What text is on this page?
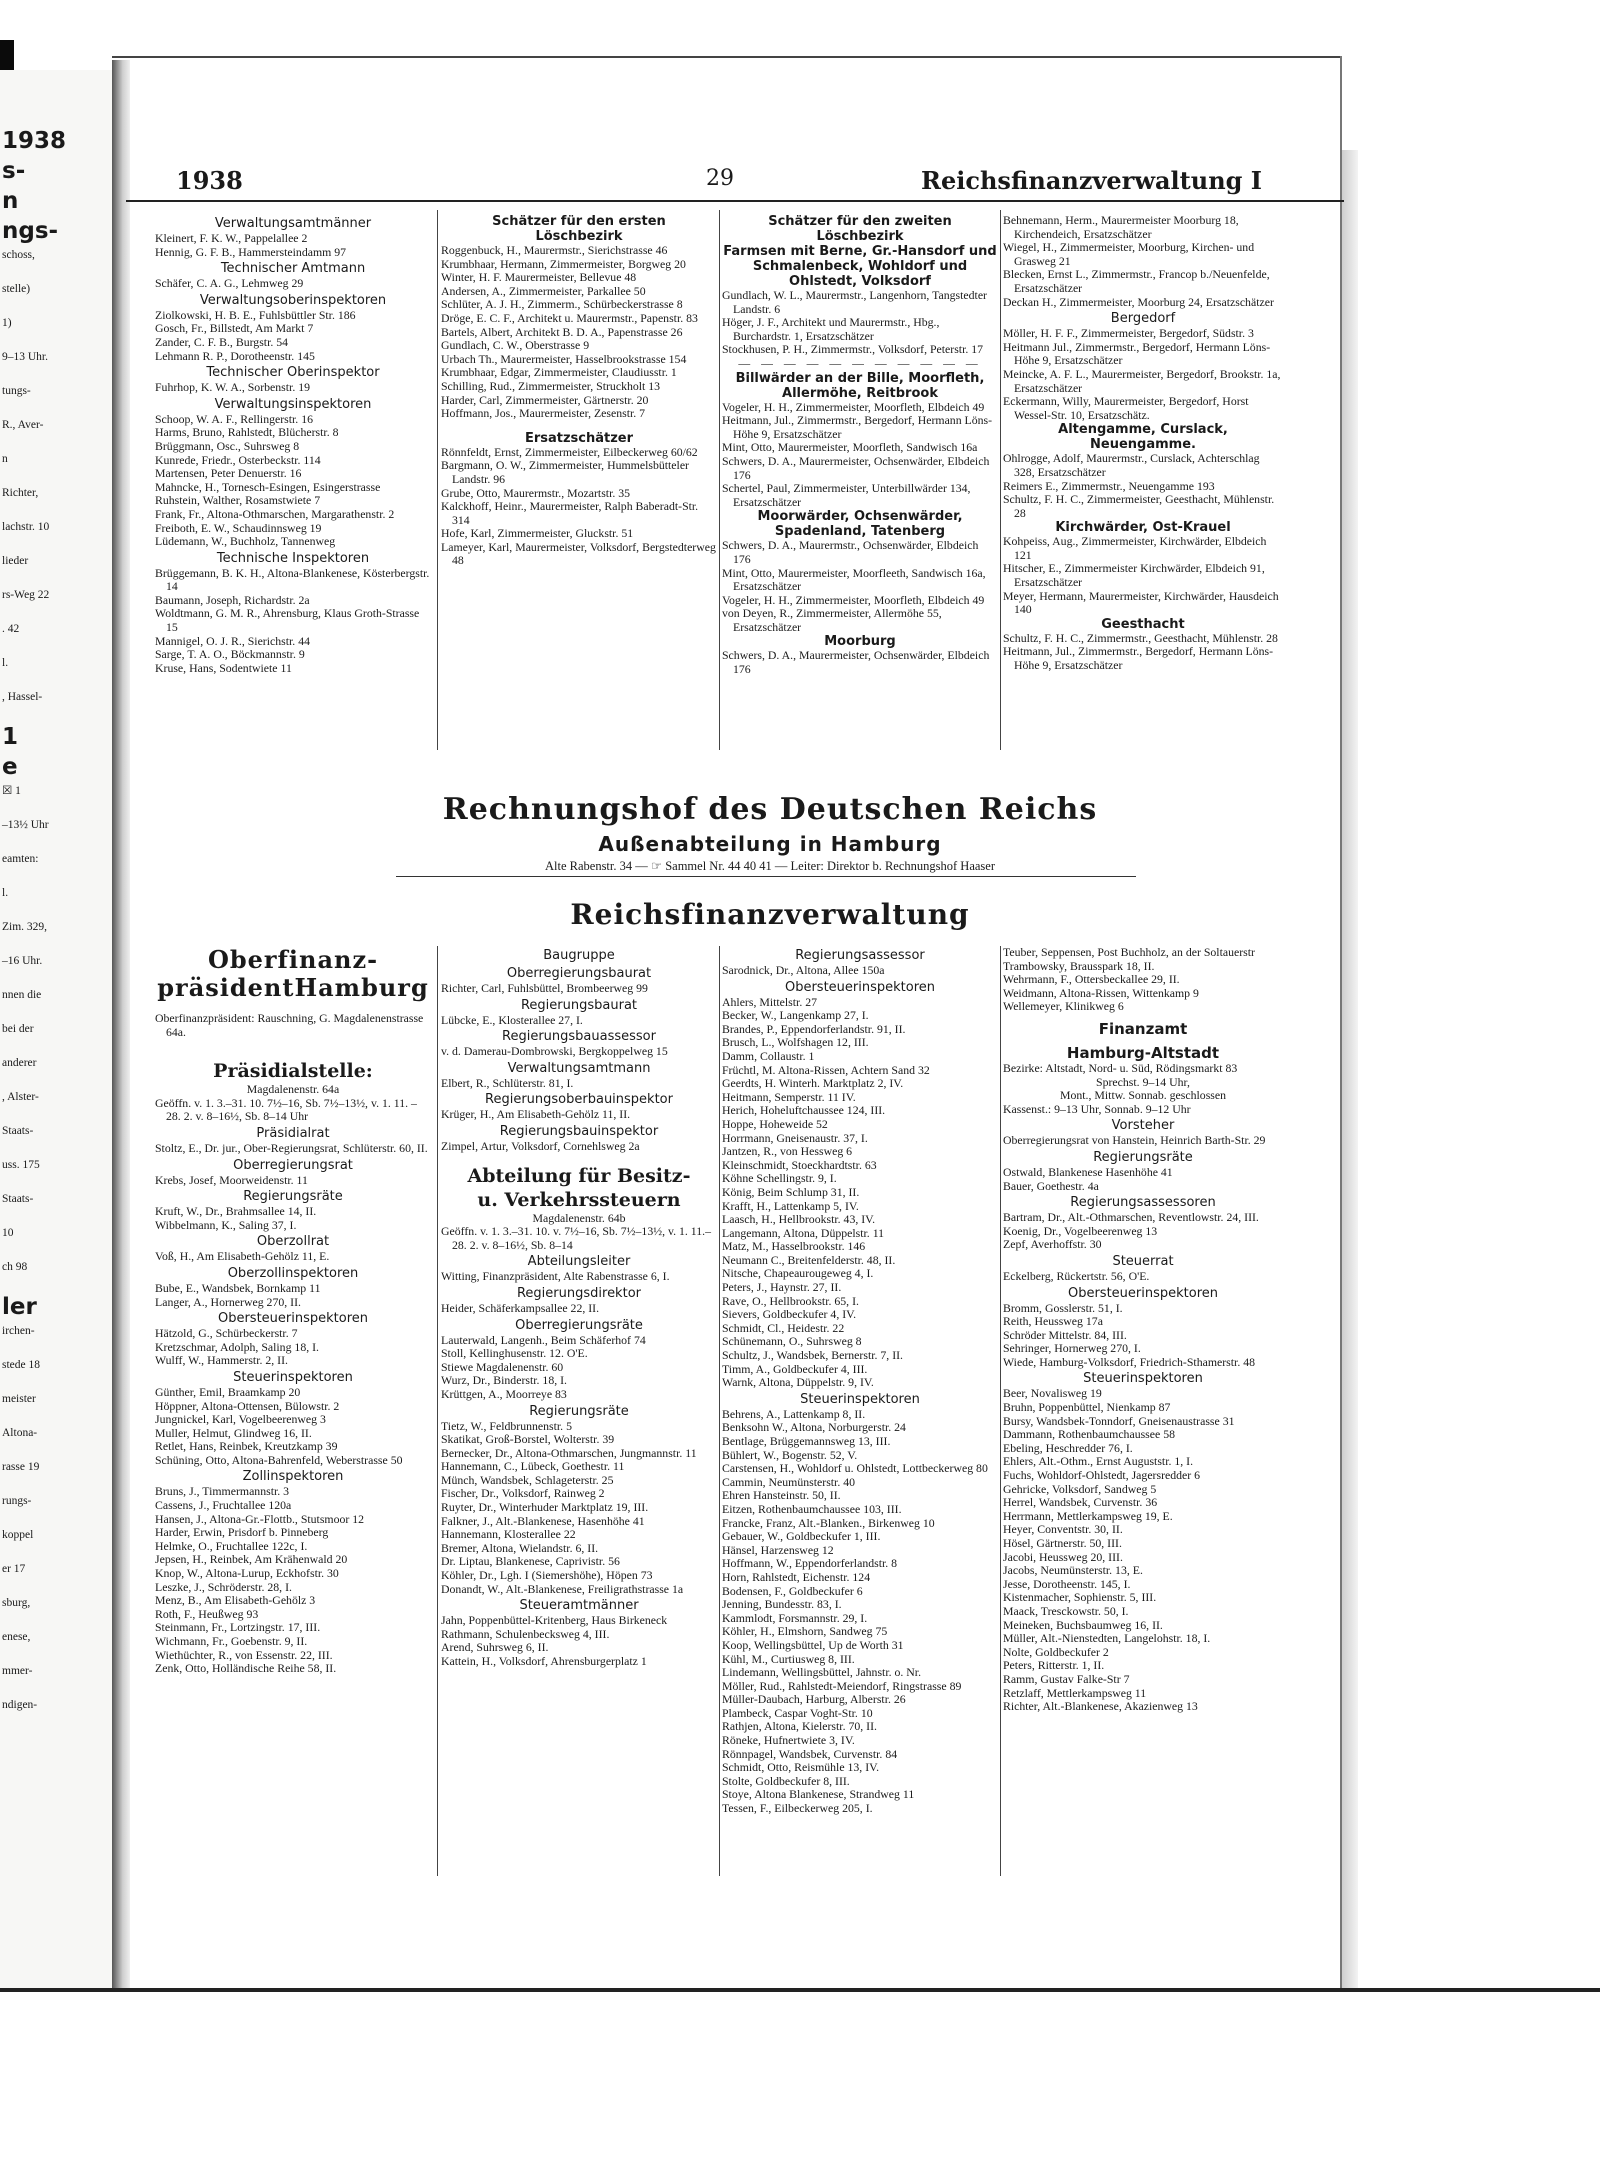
1938
s-
n
ngs-
schoss,
stelle)
1)
9–13 Uhr.
tungs-
R., Aver-
n
Richter,
lachstr. 10
lieder
rs-Weg 22
. 42
l.
, Hassel-
1
e
☒ 1
–13½ Uhr
eamten:
l.
Zim. 329,
–16 Uhr.
nnen die
bei der
anderer
, Alster-
Staats-
uss. 175
Staats-
10
ch 98
ler
irchen-
stede 18
meister
Altona-
rasse 19
rungs-
koppel
er 17
sburg,
enese,
mmer-
ndigen-
1938	29	Reichsfinanzverwaltung I
Verwaltungsamtmänner
Kleinert, F. K. W., Pappelallee 2
Hennig, G. F. B., Hammersteindamm 97
Technischer Amtmann
Schäfer, C. A. G., Lehmweg 29
Verwaltungsoberinspektoren
Ziolkowski, H. B. E., Fuhlsbüttler Str. 186
Gosch, Fr., Billstedt, Am Markt 7
Zander, C. F. B., Burgstr. 54
Lehmann R. P., Dorotheenstr. 145
Technischer Oberinspektor
Fuhrhop, K. W. A., Sorbenstr. 19
Verwaltungsinspektoren
Schoop, W. A. F., Rellingerstr. 16
Harms, Bruno, Rahlstedt, Blücherstr. 8
Brüggmann, Osc., Suhrsweg 8
Kunrede, Friedr., Osterbeckstr. 114
Martensen, Peter Denuerstr. 16
Mahncke, H., Tornesch-Esingen, Esingerstrasse
Ruhstein, Walther, Rosamstwiete 7
Frank, Fr., Altona-Othmarschen, Margarathenstr. 2
Freiboth, E. W., Schaudinnsweg 19
Lüdemann, W., Buchholz, Tannenweg
Technische Inspektoren
Brüggemann, B. K. H., Altona-Blankenese, Kösterbergstr. 14
Baumann, Joseph, Richardstr. 2a
Woldtmann, G. M. R., Ahrensburg, Klaus Groth-Strasse 15
Mannigel, O. J. R., Sierichstr. 44
Sarge, T. A. O., Böckmannstr. 9
Kruse, Hans, Sodentwiete 11
Schätzer für den ersten
Löschbezirk
Roggenbuck, H., Maurermstr., Sierichstrasse 46
Krumbhaar, Hermann, Zimmermeister, Borgweg 20
Winter, H. F. Maurermeister, Bellevue 48
Andersen, A., Zimmermeister, Parkallee 50
Schlüter, A. J. H., Zimmerm., Schürbeckerstrasse 8
Dröge, E. C. F., Architekt u. Maurermstr., Papenstr. 83
Bartels, Albert, Architekt B. D. A., Papenstrasse 26
Gundlach, C. W., Oberstrasse 9
Urbach Th., Maurermeister, Hasselbrookstrasse 154
Krumbhaar, Edgar, Zimmermeister, Claudiusstr. 1
Schilling, Rud., Zimmermeister, Struckholt 13
Harder, Carl, Zimmermeister, Gärtnerstr. 20
Hoffmann, Jos., Maurermeister, Zesenstr. 7
Ersatzschätzer
Rönnfeldt, Ernst, Zimmermeister, Eilbeckerweg 60/62
Bargmann, O. W., Zimmermeister, Hummelsbütteler Landstr. 96
Grube, Otto, Maurermstr., Mozartstr. 35
Kalckhoff, Heinr., Maurermeister, Ralph Baberadt-Str. 314
Hofe, Karl, Zimmermeister, Gluckstr. 51
Lameyer, Karl, Maurermeister, Volksdorf, Bergstedterweg 48
Schätzer für den zweiten
Löschbezirk
Farmsen mit Berne, Gr.-Hansdorf und Schmalenbeck, Wohldorf und Ohlstedt, Volksdorf
Gundlach, W. L., Maurermstr., Langenhorn, Tangstedter Landstr. 6
Höger, J. F., Architekt und Maurermstr., Hbg., Burchardstr. 1, Ersatzschätzer
Stockhusen, P. H., Zimmermstr., Volksdorf, Peterstr. 17
— — — — — — — — — — —
Billwärder an der Bille, Moorfleth, Allermöhe, Reitbrook
Vogeler, H. H., Zimmermeister, Moorfleth, Elbdeich 49
Heitmann, Jul., Zimmermstr., Bergedorf, Hermann Löns-Höhe 9, Ersatzschätzer
Mint, Otto, Maurermeister, Moorfleth, Sandwisch 16a
Schwers, D. A., Maurermeister, Ochsenwärder, Elbdeich 176
Schertel, Paul, Zimmermeister, Unterbillwärder 134, Ersatzschätzer
Moorwärder, Ochsenwärder, Spadenland, Tatenberg
Schwers, D. A., Maurermstr., Ochsenwärder, Elbdeich 176
Mint, Otto, Maurermeister, Moorfleeth, Sandwisch 16a, Ersatzschätzer
Vogeler, H. H., Zimmermeister, Moorfleth, Elbdeich 49
von Deyen, R., Zimmermeister, Allermöhe 55, Ersatzschätzer
Moorburg
Schwers, D. A., Maurermeister, Ochsenwärder, Elbdeich 176
Behnemann, Herm., Maurermeister Moorburg 18, Kirchendeich, Ersatzschätzer
Wiegel, H., Zimmermeister, Moorburg, Kirchen- und Grasweg 21
Blecken, Ernst L., Zimmermstr., Francop b./Neuenfelde, Ersatzschätzer
Deckan H., Zimmermeister, Moorburg 24, Ersatzschätzer
Bergedorf
Möller, H. F. F., Zimmermeister, Bergedorf, Südstr. 3
Heitmann Jul., Zimmermstr., Bergedorf, Hermann Löns-Höhe 9, Ersatzschätzer
Meincke, A. F. L., Maurermeister, Bergedorf, Brookstr. 1a, Ersatzschätzer
Eckermann, Willy, Maurermeister, Bergedorf, Horst Wessel-Str. 10, Ersatzschätz.
Altengamme, Curslack, Neuengamme.
Ohlrogge, Adolf, Maurermstr., Curslack, Achterschlag 328, Ersatzschätzer
Reimers E., Zimmermstr., Neuengamme 193
Schultz, F. H. C., Zimmermeister, Geesthacht, Mühlenstr. 28
Kirchwärder, Ost-Krauel
Kohpeiss, Aug., Zimmermeister, Kirchwärder, Elbdeich 121
Hitscher, E., Zimmermeister Kirchwärder, Elbdeich 91, Ersatzschätzer
Meyer, Hermann, Maurermeister, Kirchwärder, Hausdeich 140
Geesthacht
Schultz, F. H. C., Zimmermstr., Geesthacht, Mühlenstr. 28
Heitmann, Jul., Zimmermstr., Bergedorf, Hermann Löns-Höhe 9, Ersatzschätzer
Rechnungshof des Deutschen Reichs
Außenabteilung in Hamburg
Alte Rabenstr. 34 — ☞ Sammel Nr. 44 40 41 — Leiter: Direktor b. Rechnungshof Haaser
Reichsfinanzverwaltung
Oberfinanz-
präsidentHamburg
Oberfinanzpräsident: Rauschning, G. Magdalenenstrasse 64a.
Präsidialstelle:
Magdalenenstr. 64a
Geöffn. v. 1. 3.–31. 10. 7½–16, Sb. 7½–13½, v. 1. 11. – 28. 2. v. 8–16½, Sb. 8–14 Uhr
Präsidialrat
Stoltz, E., Dr. jur., Ober-Regierungsrat, Schlüterstr. 60, II.
Oberregierungsrat
Krebs, Josef, Moorweidenstr. 11
Regierungsräte
Kruft, W., Dr., Brahmsallee 14, II.
Wibbelmann, K., Saling 37, I.
Oberzollrat
Voß, H., Am Elisabeth-Gehölz 11, E.
Oberzollinspektoren
Bube, E., Wandsbek, Bornkamp 11
Langer, A., Hornerweg 270, II.
Obersteuerinspektoren
Hätzold, G., Schürbeckerstr. 7
Kretzschmar, Adolph, Saling 18, I.
Wulff, W., Hammerstr. 2, II.
Steuerinspektoren
Günther, Emil, Braamkamp 20
Höppner, Altona-Ottensen, Bülowstr. 2
Jungnickel, Karl, Vogelbeerenweg 3
Muller, Helmut, Glindweg 16, II.
Retlet, Hans, Reinbek, Kreutzkamp 39
Schüning, Otto, Altona-Bahrenfeld, Weberstrasse 50
Zollinspektoren
Bruns, J., Timmermannstr. 3
Cassens, J., Fruchtallee 120a
Hansen, J., Altona-Gr.-Flottb., Stutsmoor 12
Harder, Erwin, Prisdorf b. Pinneberg
Helmke, O., Fruchtallee 122c, I.
Jepsen, H., Reinbek, Am Krähenwald 20
Knop, W., Altona-Lurup, Eckhofstr. 30
Leszke, J., Schröderstr. 28, I.
Menz, B., Am Elisabeth-Gehölz 3
Roth, F., Heußweg 93
Steinmann, Fr., Lortzingstr. 17, III.
Wichmann, Fr., Goebenstr. 9, II.
Wiethüchter, R., von Essenstr. 22, III.
Zenk, Otto, Holländische Reihe 58, II.
Baugruppe
Oberregierungsbaurat
Richter, Carl, Fuhlsbüttel, Brombeerweg 99
Regierungsbaurat
Lübcke, E., Klosterallee 27, I.
Regierungsbauassessor
v. d. Damerau-Dombrowski, Bergkoppelweg 15
Verwaltungsamtmann
Elbert, R., Schlüterstr. 81, I.
Regierungsoberbauinspektor
Krüger, H., Am Elisabeth-Gehölz 11, II.
Regierungsbauinspektor
Zimpel, Artur, Volksdorf, Cornehlsweg 2a
Abteilung für Besitz-
u. Verkehrssteuern
Magdalenenstr. 64b
Geöffn. v. 1. 3.–31. 10. v. 7½–16, Sb. 7½–13½, v. 1. 11.–28. 2. v. 8–16½, Sb. 8–14
Abteilungsleiter
Witting, Finanzpräsident, Alte Rabenstrasse 6, I.
Regierungsdirektor
Heider, Schäferkampsallee 22, II.
Oberregierungsräte
Lauterwald, Langenh., Beim Schäferhof 74
Stoll, Kellinghusenstr. 12. O'E.
Stiewe Magdalenenstr. 60
Wurz, Dr., Binderstr. 18, I.
Krüttgen, A., Moorreye 83
Regierungsräte
Tietz, W., Feldbrunnenstr. 5
Skatikat, Groß-Borstel, Wolterstr. 39
Bernecker, Dr., Altona-Othmarschen, Jungmannstr. 11
Hannemann, C., Lübeck, Goethestr. 11
Münch, Wandsbek, Schlageterstr. 25
Fischer, Dr., Volksdorf, Rainweg 2
Ruyter, Dr., Winterhuder Marktplatz 19, III.
Falkner, J., Alt.-Blankenese, Hasenhöhe 41
Hannemann, Klosterallee 22
Bremer, Altona, Wielandstr. 6, II.
Dr. Liptau, Blankenese, Caprivistr. 56
Köhler, Dr., Lgh. I (Siemershöhe), Höpen 73
Donandt, W., Alt.-Blankenese, Freiligrathstrasse 1a
Steueramtmänner
Jahn, Poppenbüttel-Kritenberg, Haus Birkeneck
Rathmann, Schulenbecksweg 4, III.
Arend, Suhrsweg 6, II.
Kattein, H., Volksdorf, Ahrensburgerplatz 1
Regierungsassessor
Sarodnick, Dr., Altona, Allee 150a
Obersteuerinspektoren
Ahlers, Mittelstr. 27
Becker, W., Langenkamp 27, I.
Brandes, P., Eppendorferlandstr. 91, II.
Brusch, L., Wolfshagen 12, III.
Damm, Collaustr. 1
Früchtl, M. Altona-Rissen, Achtern Sand 32
Geerdts, H. Winterh. Marktplatz 2, IV.
Heitmann, Semperstr. 11 IV.
Herich, Hoheluftchaussee 124, III.
Hoppe, Hoheweide 52
Horrmann, Gneisenaustr. 37, I.
Jantzen, R., von Hessweg 6
Kleinschmidt, Stoeckhardtstr. 63
Köhne Schellingstr. 9, I.
König, Beim Schlump 31, II.
Krafft, H., Lattenkamp 5, IV.
Laasch, H., Hellbrookstr. 43, IV.
Langemann, Altona, Düppelstr. 11
Matz, M., Hasselbrookstr. 146
Neumann C., Breitenfelderstr. 48, II.
Nitsche, Chapeaurougeweg 4, I.
Peters, J., Haynstr. 27, II.
Rave, O., Hellbrookstr. 65, I.
Sievers, Goldbeckufer 4, IV.
Schmidt, Cl., Heidestr. 22
Schünemann, O., Suhrsweg 8
Schultz, J., Wandsbek, Bernerstr. 7, II.
Timm, A., Goldbeckufer 4, III.
Warnk, Altona, Düppelstr. 9, IV.
Steuerinspektoren
Behrens, A., Lattenkamp 8, II.
Benksohn W., Altona, Norburgerstr. 24
Bentlage, Brüggemannsweg 13, III.
Bühlert, W., Bogenstr. 52, V.
Carstensen, H., Wohldorf u. Ohlstedt, Lottbeckerweg 80
Cammin, Neumünsterstr. 40
Ehren Hansteinstr. 50, II.
Eitzen, Rothenbaumchaussee 103, III.
Francke, Franz, Alt.-Blanken., Birkenweg 10
Gebauer, W., Goldbeckufer 1, III.
Hänsel, Harzensweg 12
Hoffmann, W., Eppendorferlandstr. 8
Horn, Rahlstedt, Eichenstr. 124
Bodensen, F., Goldbeckufer 6
Jenning, Bundesstr. 83, I.
Kammlodt, Forsmannstr. 29, I.
Köhler, H., Elmshorn, Sandweg 75
Koop, Wellingsbüttel, Up de Worth 31
Kühl, M., Curtiusweg 8, III.
Lindemann, Wellingsbüttel, Jahnstr. o. Nr.
Möller, Rud., Rahlstedt-Meiendorf, Ringstrasse 89
Müller-Daubach, Harburg, Alberstr. 26
Plambeck, Caspar Voght-Str. 10
Rathjen, Altona, Kielerstr. 70, II.
Röneke, Hufnertwiete 3, IV.
Rönnpagel, Wandsbek, Curvenstr. 84
Schmidt, Otto, Reismühle 13, IV.
Stolte, Goldbeckufer 8, III.
Stoye, Altona Blankenese, Strandweg 11
Tessen, F., Eilbeckerweg 205, I.
Teuber, Seppensen, Post Buchholz, an der Soltauerstr
Trambowsky, Brausspark 18, II.
Wehrmann, F., Ottersbeckallee 29, II.
Weidmann, Altona-Rissen, Wittenkamp 9
Wellemeyer, Klinikweg 6
Finanzamt
Hamburg-Altstadt
Bezirke: Altstadt, Nord- u. Süd, Rödingsmarkt 83
Sprechst. 9–14 Uhr,
Mont., Mittw. Sonnab. geschlossen
Kassenst.: 9–13 Uhr, Sonnab. 9–12 Uhr
Vorsteher
Oberregierungsrat von Hanstein, Heinrich Barth-Str. 29
Regierungsräte
Ostwald, Blankenese Hasenhöhe 41
Bauer, Goethestr. 4a
Regierungsassessoren
Bartram, Dr., Alt.-Othmarschen, Reventlowstr. 24, III.
Koenig, Dr., Vogelbeerenweg 13
Zepf, Averhoffstr. 30
Steuerrat
Eckelberg, Rückertstr. 56, O'E.
Obersteuerinspektoren
Bromm, Gosslerstr. 51, I.
Reith, Heussweg 17a
Schröder Mittelstr. 84, III.
Sehringer, Hornerweg 270, I.
Wiede, Hamburg-Volksdorf, Friedrich-Sthamerstr. 48
Steuerinspektoren
Beer, Novalisweg 19
Bruhn, Poppenbüttel, Nienkamp 87
Bursy, Wandsbek-Tonndorf, Gneisenaustrasse 31
Dammann, Rothenbaumchaussee 58
Ebeling, Heschredder 76, I.
Ehlers, Alt.-Othm., Ernst Auguststr. 1, I.
Fuchs, Wohldorf-Ohlstedt, Jagersredder 6
Gehricke, Volksdorf, Sandweg 5
Herrel, Wandsbek, Curvenstr. 36
Herrmann, Mettlerkampsweg 19, E.
Heyer, Conventstr. 30, II.
Hösel, Gärtnerstr. 50, III.
Jacobi, Heussweg 20, III.
Jacobs, Neumünsterstr. 13, E.
Jesse, Dorotheenstr. 145, I.
Kistenmacher, Sophienstr. 5, III.
Maack, Tresckowstr. 50, I.
Meineken, Buchsbaumweg 16, II.
Müller, Alt.-Nienstedten, Langelohstr. 18, I.
Nolte, Goldbeckufer 2
Peters, Ritterstr. 1, II.
Ramm, Gustav Falke-Str 7
Retzlaff, Mettlerkampsweg 11
Richter, Alt.-Blankenese, Akazienweg 13
